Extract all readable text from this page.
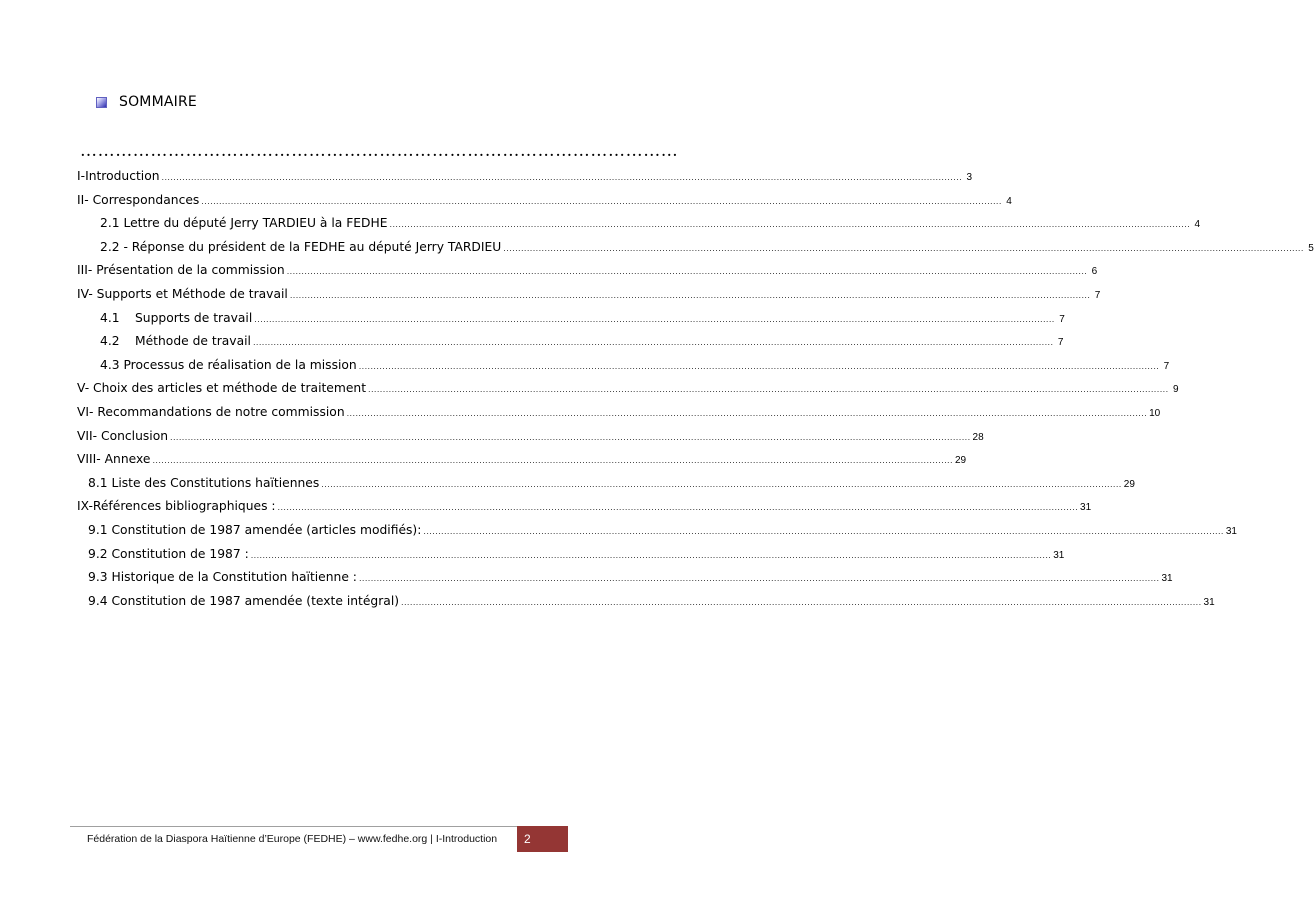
SOMMAIRE
…………………………………………………………………………………………
I-Introduction .....	3
II- Correspondances .....	4
2.1 Lettre du député Jerry TARDIEU à la FEDHE .....	4
2.2 - Réponse du président de la FEDHE au député Jerry TARDIEU .....	5
III- Présentation de la commission .....	6
IV- Supports et Méthode de travail .....	7
4.1 Supports de travail .....	7
4.2 Méthode de travail .....	7
4.3 Processus de réalisation de la mission .....	7
V- Choix des articles et méthode de traitement .....	9
VI- Recommandations de notre commission .....	10
VII- Conclusion .....	28
VIII- Annexe .....	29
8.1 Liste des Constitutions haïtiennes .....	29
IX-Références bibliographiques : .....	31
9.1 Constitution de 1987 amendée (articles modifiés): .....	31
9.2 Constitution de 1987 : .....	31
9.3 Historique de la Constitution haïtienne : .....	31
9.4 Constitution de 1987 amendée (texte intégral) .....	31
Fédération de la Diaspora Haïtienne d’Europe (FEDHE) – www.fedhe.org | I-Introduction	2
